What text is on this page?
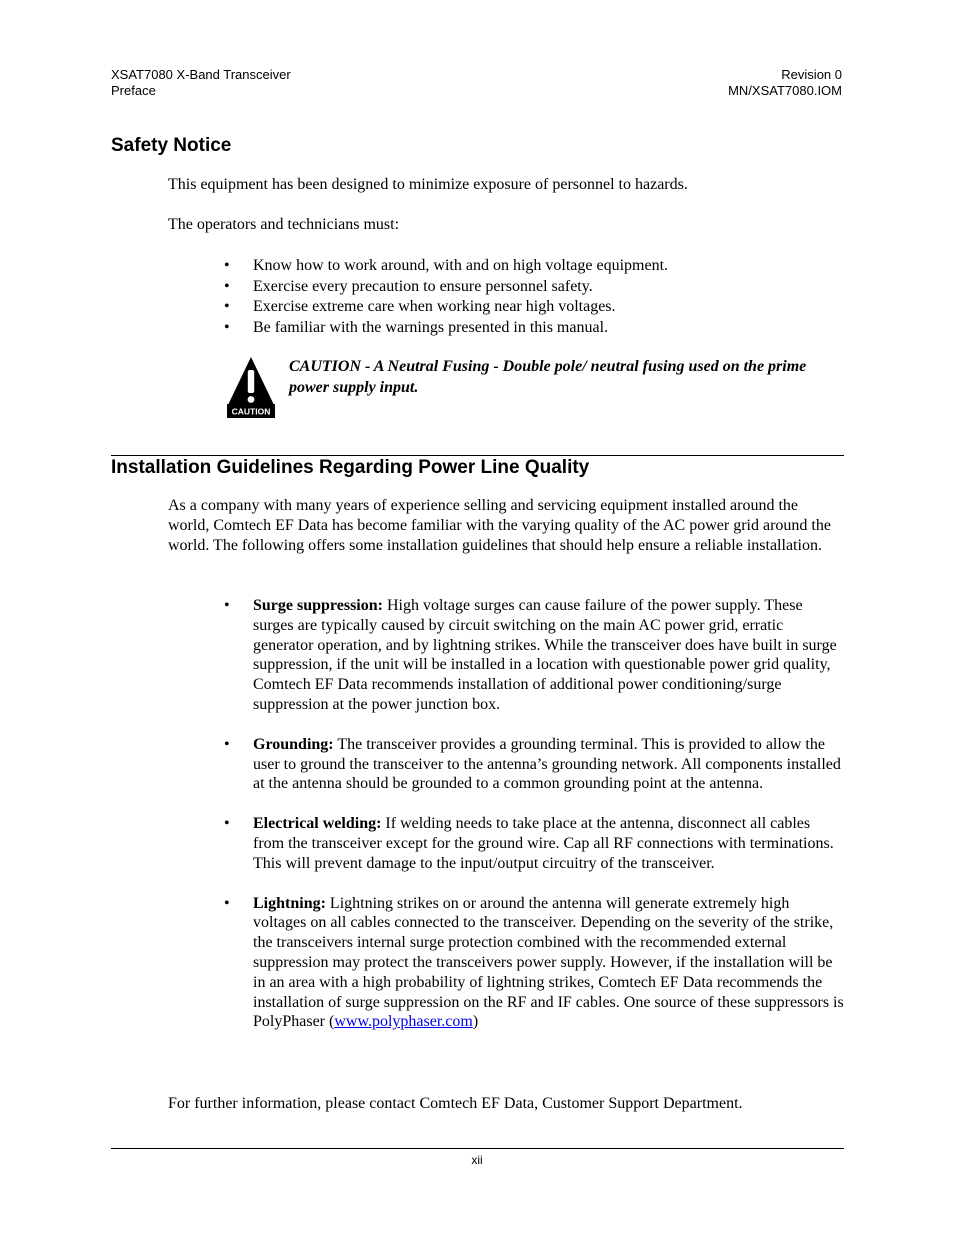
XSAT7080 X-Band Transceiver
Preface
Revision 0
MN/XSAT7080.IOM
Safety Notice

This equipment has been designed to minimize exposure of personnel to hazards.

The operators and technicians must:

• Know how to work around, with and on high voltage equipment.
• Exercise every precaution to ensure personnel safety.
• Exercise extreme care when working near high voltages.
• Be familiar with the warnings presented in this manual.
CAUTION

CAUTION - A Neutral Fusing - Double pole/ neutral fusing used on the prime power supply input.

Installation Guidelines Regarding Power Line Quality

As a company with many years of experience selling and servicing equipment installed around the world, Comtech EF Data has become familiar with the varying quality of the AC power grid around the world. The following offers some installation guidelines that should help ensure a reliable installation.

• Surge suppression: High voltage surges can cause failure of the power supply. These surges are typically caused by circuit switching on the main AC power grid, erratic generator operation, and by lightning strikes. While the transceiver does have built in surge suppression, if the unit will be installed in a location with questionable power grid quality, Comtech EF Data recommends installation of additional power conditioning/surge suppression at the power junction box.
• Grounding: The transceiver provides a grounding terminal. This is provided to allow the user to ground the transceiver to the antenna’s grounding network. All components installed at the antenna should be grounded to a common grounding point at the antenna.
• Electrical welding: If welding needs to take place at the antenna, disconnect all cables from the transceiver except for the ground wire. Cap all RF connections with terminations. This will prevent damage to the input/output circuitry of the transceiver.
• Lightning: Lightning strikes on or around the antenna will generate extremely high voltages on all cables connected to the transceiver. Depending on the severity of the strike, the transceivers internal surge protection combined with the recommended external suppression may protect the transceivers power supply. However, if the installation will be in an area with a high probability of lightning strikes, Comtech EF Data recommends the installation of surge suppression on the RF and IF cables. One source of these suppressors is PolyPhaser (www.polyphaser.com)

For further information, please contact Comtech EF Data, Customer Support Department.

xii
